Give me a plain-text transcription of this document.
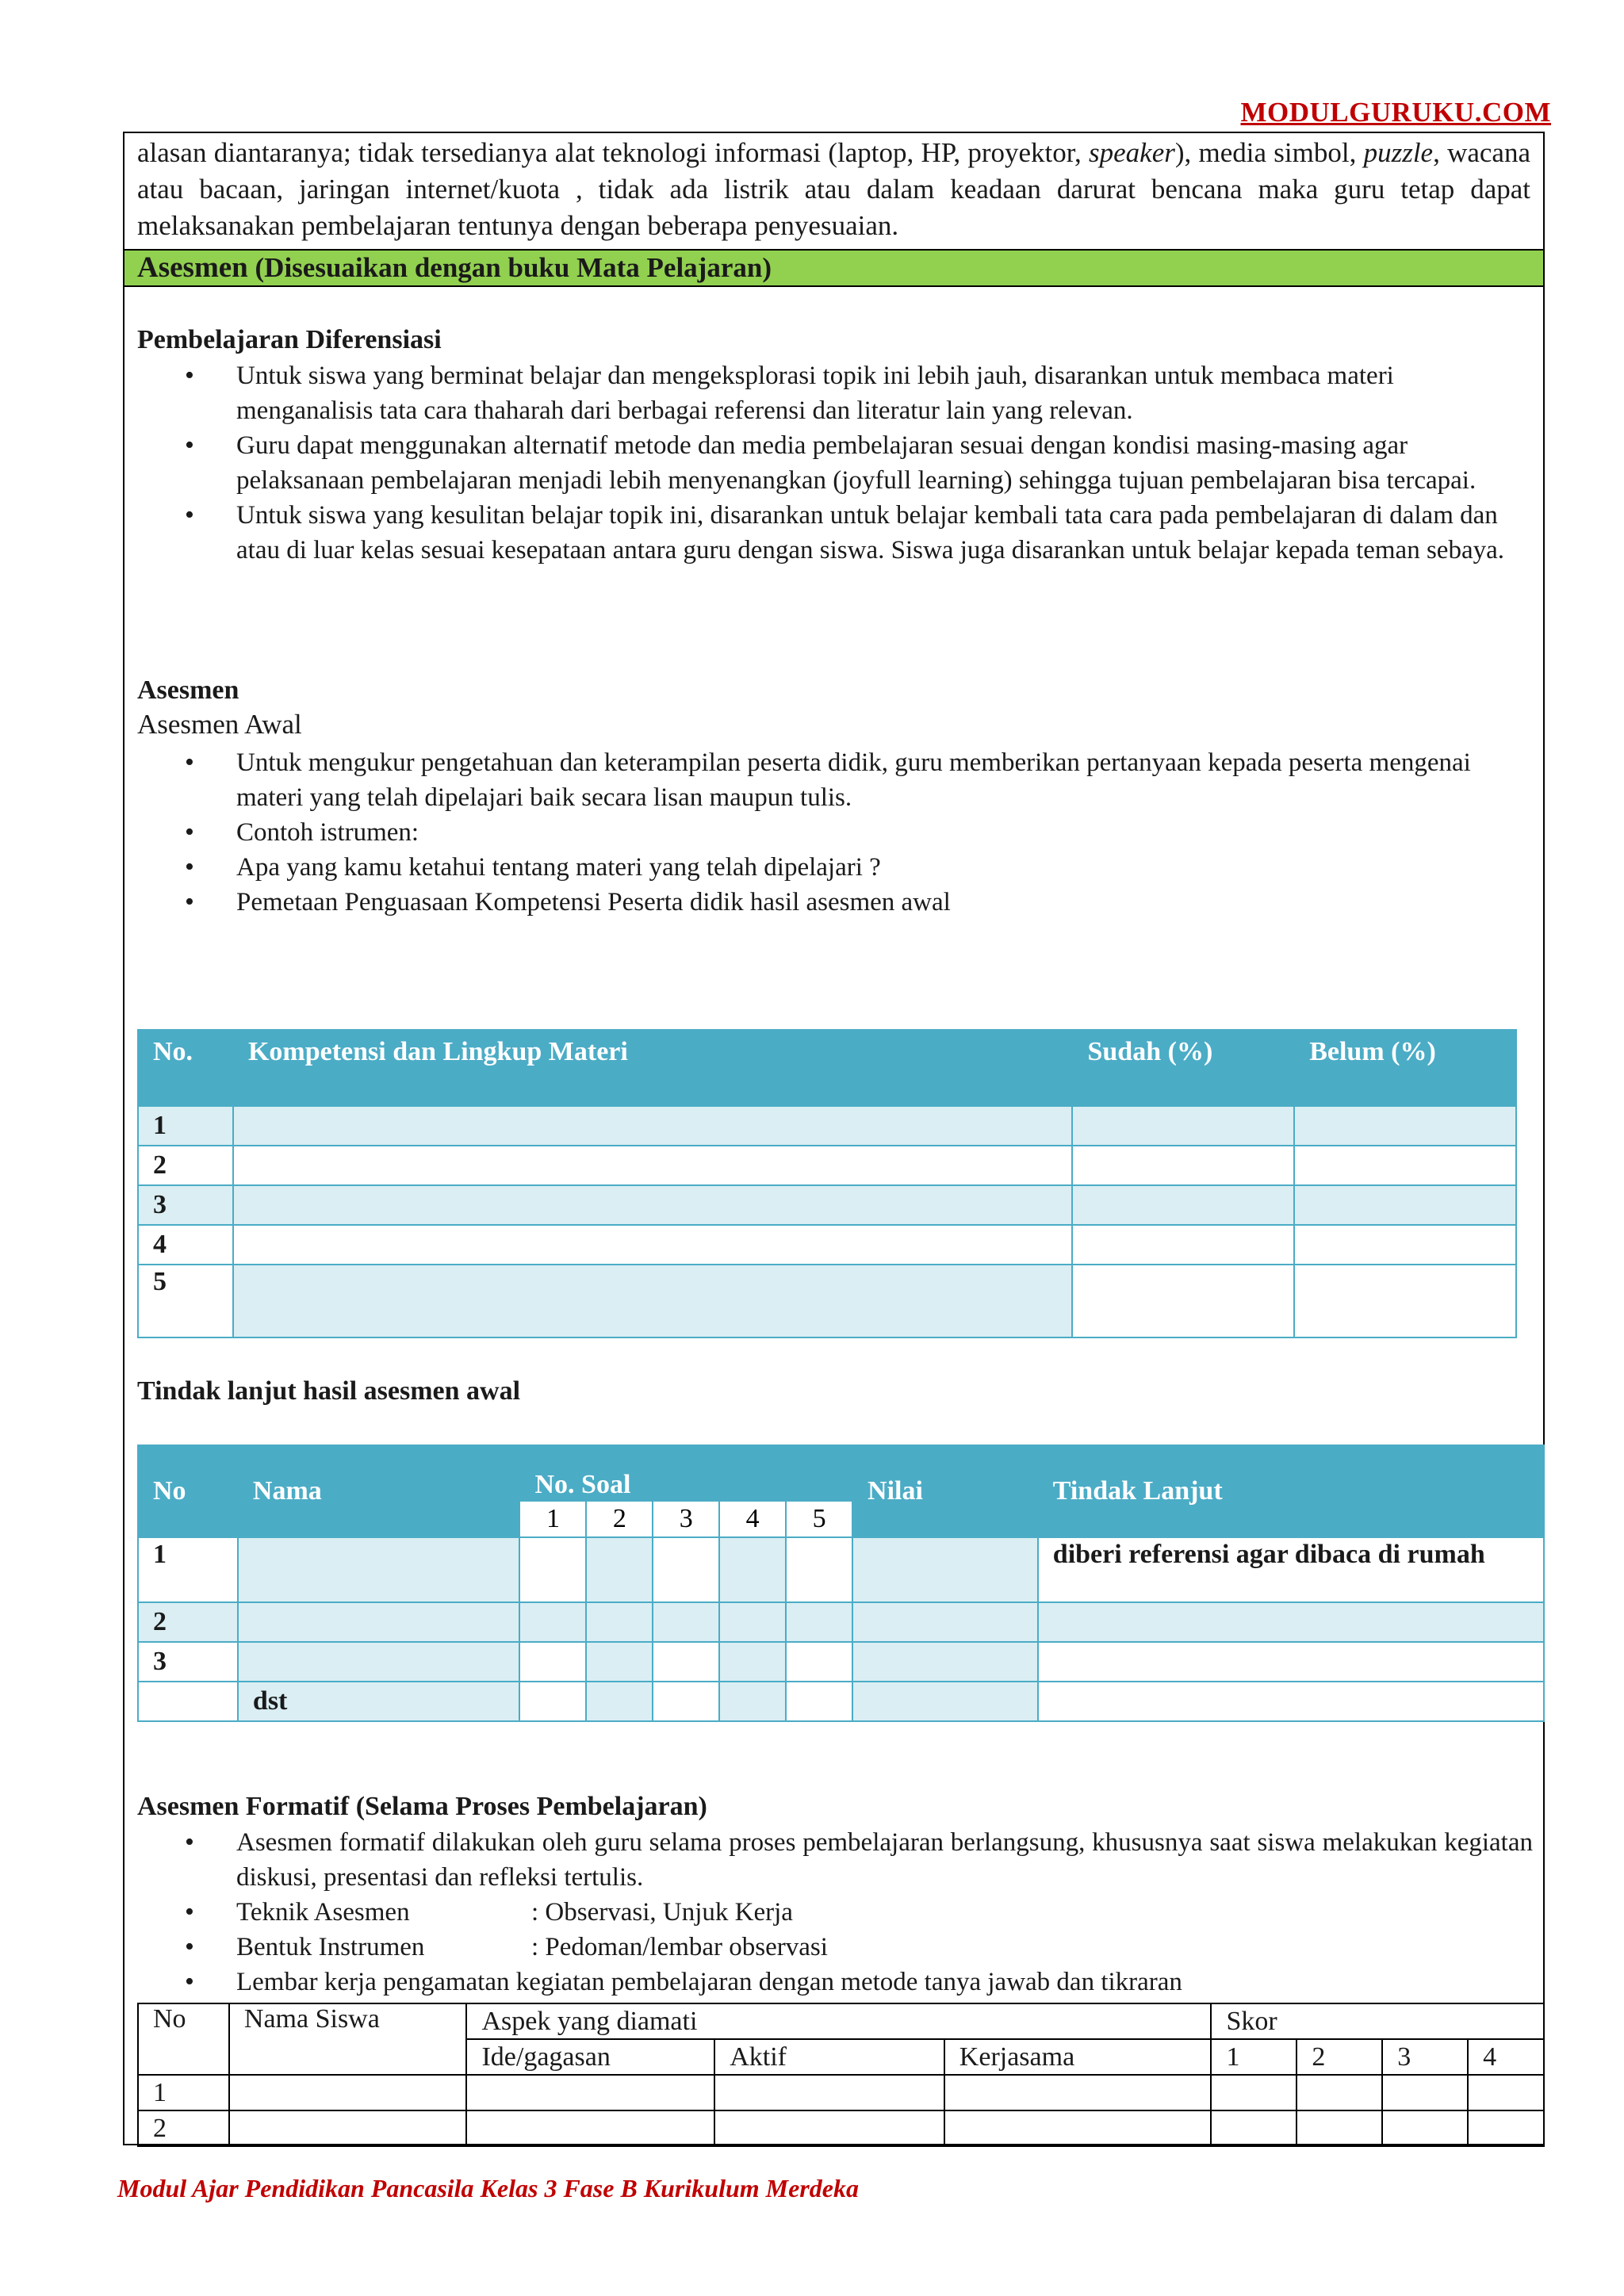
MODULGURUKU.COM
alasan diantaranya; tidak tersedianya alat teknologi informasi (laptop, HP, proyektor, speaker), media simbol, puzzle, wacana atau bacaan, jaringan internet/kuota , tidak ada listrik atau dalam keadaan darurat bencana maka guru tetap dapat melaksanakan pembelajaran tentunya dengan beberapa penyesuaian.
Asesmen (Disesuaikan dengan buku Mata Pelajaran)
Pembelajaran Diferensiasi
• Untuk siswa yang berminat belajar dan mengeksplorasi topik ini lebih jauh, disarankan untuk membaca materi menganalisis tata cara thaharah dari berbagai referensi dan literatur lain yang relevan.
• Guru dapat menggunakan alternatif metode dan media pembelajaran sesuai dengan kondisi masing-masing agar pelaksanaan pembelajaran menjadi lebih menyenangkan (joyfull learning) sehingga tujuan pembelajaran bisa tercapai.
• Untuk siswa yang kesulitan belajar topik ini, disarankan untuk belajar kembali tata cara pada pembelajaran di dalam dan atau di luar kelas sesuai kesepataan antara guru dengan siswa. Siswa juga disarankan untuk belajar kepada teman sebaya.
Asesmen
Asesmen Awal
• Untuk mengukur pengetahuan dan keterampilan peserta didik, guru memberikan pertanyaan kepada peserta mengenai materi yang telah dipelajari baik secara lisan maupun tulis.
• Contoh istrumen:
• Apa yang kamu ketahui tentang materi yang telah dipelajari ?
• Pemetaan Penguasaan Kompetensi Peserta didik hasil asesmen awal
No.	Kompetensi dan Lingkup Materi	Sudah (%)	Belum (%)
1			
2			
3			
4			
5			
Tindak lanjut hasil asesmen awal
No	Nama	No. Soal					Nilai	Tindak Lanjut
		1	2	3	4	5		
1								diberi referensi agar dibaca di rumah
2								
3								
	dst							
Asesmen Formatif (Selama Proses Pembelajaran)
• Asesmen formatif dilakukan oleh guru selama proses pembelajaran berlangsung, khususnya saat siswa melakukan kegiatan diskusi, presentasi dan refleksi tertulis.
• Teknik Asesmen	: Observasi, Unjuk Kerja
• Bentuk Instrumen	: Pedoman/lembar observasi
• Lembar kerja pengamatan kegiatan pembelajaran dengan metode tanya jawab dan tikraran
No	Nama Siswa	Aspek yang diamati			Skor			
		Ide/gagasan	Aktif	Kerjasama	1	2	3	4
1								
2								
Modul Ajar Pendidikan Pancasila Kelas 3 Fase B Kurikulum Merdeka
